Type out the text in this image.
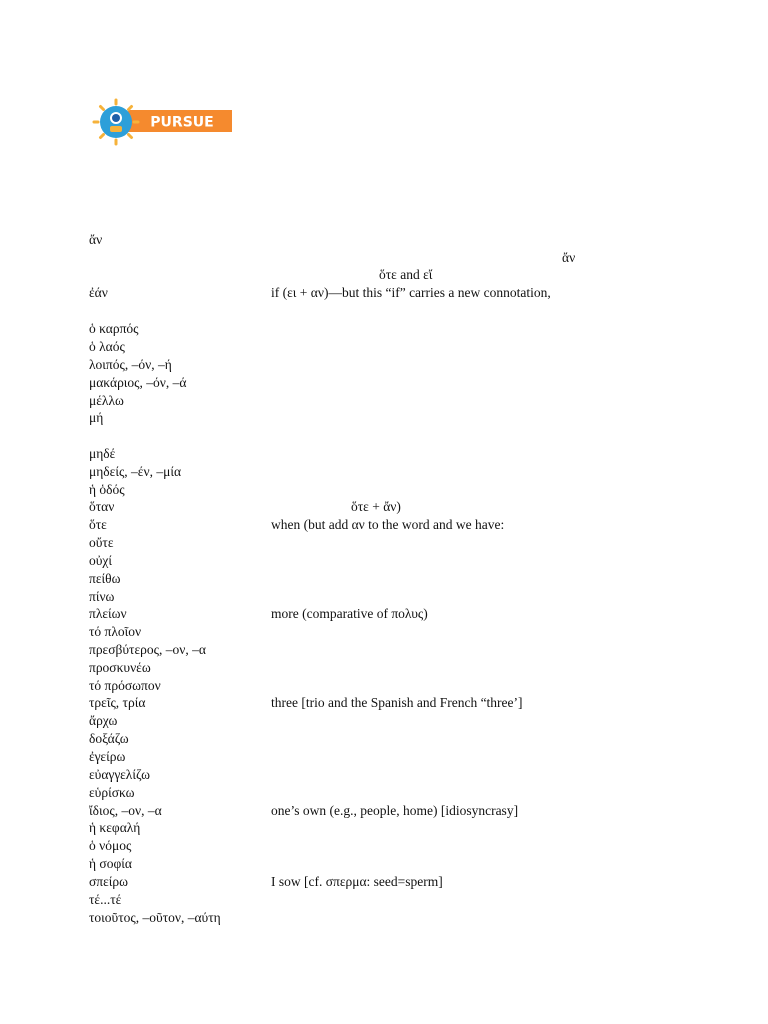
PURSUE
ἄν
ὅτε and εἴ
ὅτε + ἄν)
ἄν
ἐάν	if (ει + αν)—but this “if” carries a new connotation,
ὁ καρπός
ὁ λαός
λοιπός, –όν, –ή
μακάριος, –όν, –ά
μέλλω
μή
μηδέ
μηδείς, –έν, –μία
ἡ ὁδός
ὅταν
ὅτε	when (but add αν to the word and we have:
οὔτε
οὐχί
πείθω
πίνω
πλείων	more (comparative of πολυς)
τό πλοῖον
πρεσβύτερος, –ον, –α
προσκυνέω
τό πρόσωπον
τρεῖς, τρία	three [trio and the Spanish and French “three’]
ἄρχω
δοξάζω
ἐγείρω
εὐαγγελίζω
εὑρίσκω
ἴδιος, –ον, –α	one’s own (e.g., people, home) [idiosyncrasy]
ἡ κεφαλή
ὁ νόμος
ἡ σοφία
σπείρω	I sow [cf. σπερμα: seed=sperm]
τέ...τέ
τοιοῦτος, –οῦτον, –αύτη
